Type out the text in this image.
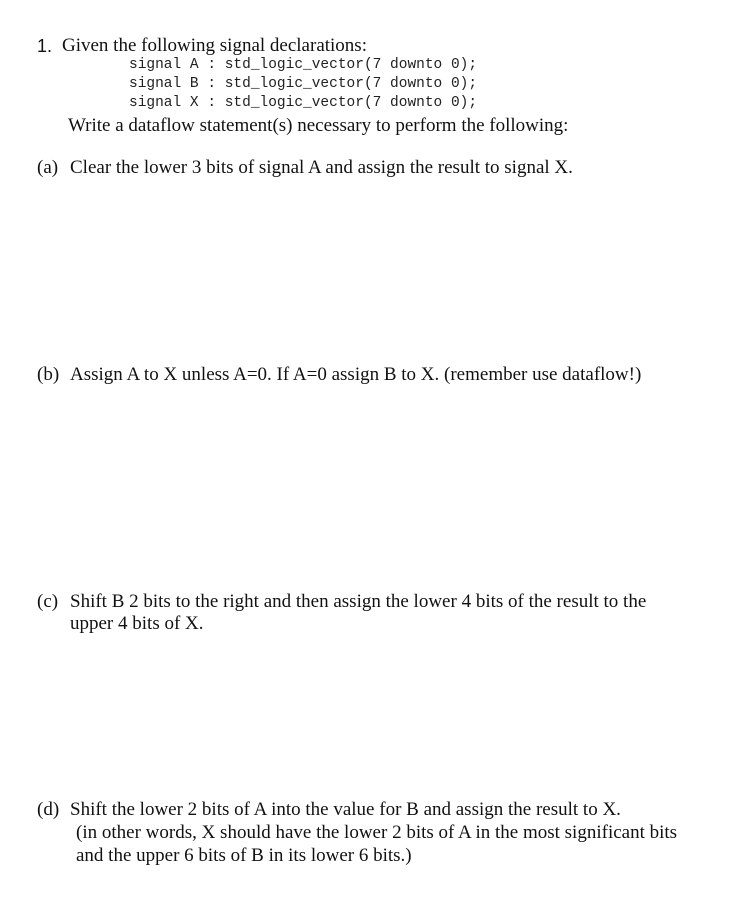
1. Given the following signal declarations:
signal A : std_logic_vector(7 downto 0);
signal B : std_logic_vector(7 downto 0);
signal X : std_logic_vector(7 downto 0);
Write a dataflow statement(s) necessary to perform the following:
(a) Clear the lower 3 bits of signal A and assign the result to signal X.
(b) Assign A to X unless A=0. If A=0 assign B to X. (remember use dataflow!)
(c) Shift B 2 bits to the right and then assign the lower 4 bits of the result to the
upper 4 bits of X.
(d) Shift the lower 2 bits of A into the value for B and assign the result to X.
(in other words, X should have the lower 2 bits of A in the most significant bits
and the upper 6 bits of B in its lower 6 bits.)
